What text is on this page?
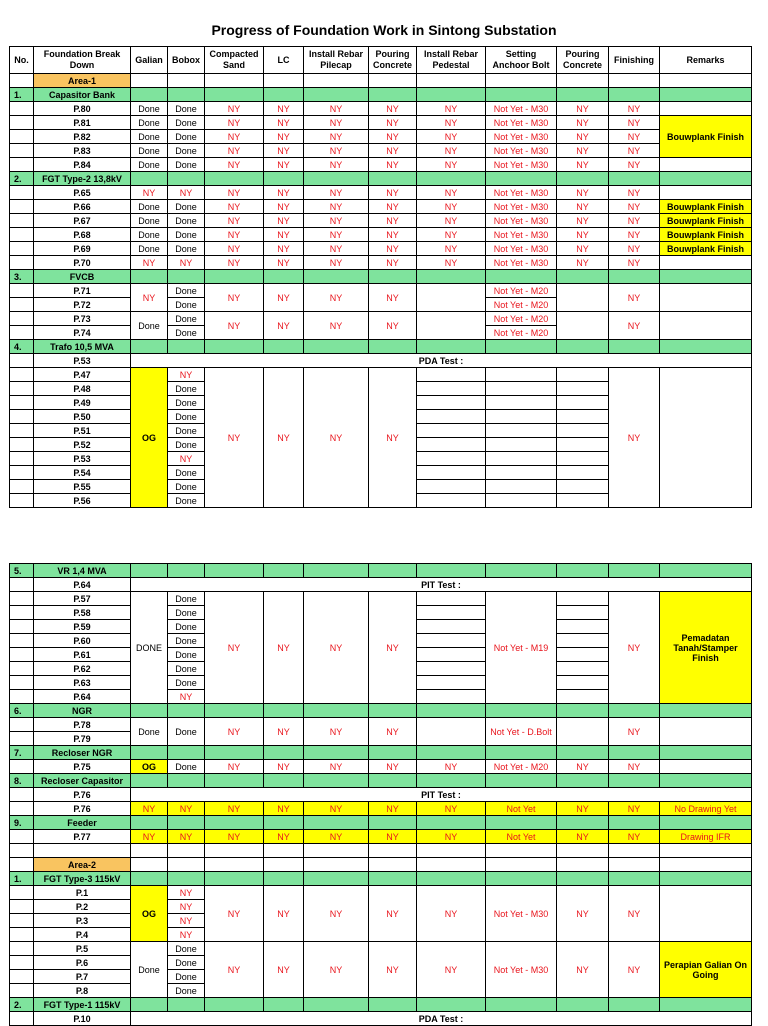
Progress of Foundation Work in Sintong Substation
No.	Foundation Break Down	Galian	Bobox	Compacted Sand	LC	Install Rebar Pilecap	Pouring Concrete	Install Rebar Pedestal	Setting Anchoor Bolt	Pouring Concrete	Finishing	Remarks
	Area-1											
1.	Capasitor Bank											
	P.80	Done	Done	NY	NY	NY	NY	NY	Not Yet - M30	NY	NY	
	P.81	Done	Done	NY	NY	NY	NY	NY	Not Yet - M30	NY	NY	Bouwplank Finish
	P.82	Done	Done	NY	NY	NY	NY	NY	Not Yet - M30	NY	NY	
	P.83	Done	Done	NY	NY	NY	NY	NY	Not Yet - M30	NY	NY	
	P.84	Done	Done	NY	NY	NY	NY	NY	Not Yet - M30	NY	NY	
2.	FGT Type-2 13,8kV											
	P.65	NY	NY	NY	NY	NY	NY	NY	Not Yet - M30	NY	NY	
	P.66	Done	Done	NY	NY	NY	NY	NY	Not Yet - M30	NY	NY	Bouwplank Finish
	P.67	Done	Done	NY	NY	NY	NY	NY	Not Yet - M30	NY	NY	Bouwplank Finish
	P.68	Done	Done	NY	NY	NY	NY	NY	Not Yet - M30	NY	NY	Bouwplank Finish
	P.69	Done	Done	NY	NY	NY	NY	NY	Not Yet - M30	NY	NY	Bouwplank Finish
	P.70	NY	NY	NY	NY	NY	NY	NY	Not Yet - M30	NY	NY	
3.	FVCB											
	P.71	NY	Done	NY	NY	NY	NY		Not Yet - M20		NY	
	P.72		Done						Not Yet - M20			
	P.73	Done	Done	NY	NY	NY	NY		Not Yet - M20		NY	
	P.74		Done						Not Yet - M20			
4.	Trafo 10,5 MVA											
	P.53	PDA Test :										
	P.47	OG	NY	NY	NY	NY	NY				NY	
	P.48		Done									
	P.49		Done									
	P.50		Done									
	P.51		Done									
	P.52		Done									
	P.53		NY									
	P.54		Done									
	P.55		Done									
	P.56		Done									
5.	VR 1,4 MVA											
	P.64	PIT Test :										
	P.57	DONE	Done	NY	NY	NY	NY		Not Yet - M19		NY	Pemadatan Tanah/Stamper Finish
	P.58		Done									
	P.59		Done									
	P.60		Done									
	P.61		Done									
	P.62		Done									
	P.63		Done									
	P.64		NY									
6.	NGR											
	P.78	Done	Done	NY	NY	NY	NY		Not Yet - D.Bolt		NY	
	P.79											
7.	Recloser NGR											
	P.75	OG	Done	NY	NY	NY	NY	NY	Not Yet - M20	NY	NY	
8.	Recloser Capasitor											
	P.76	PIT Test :										
	P.76	NY	NY	NY	NY	NY	NY	NY	Not Yet	NY	NY	No Drawing Yet
9.	Feeder											
	P.77	NY	NY	NY	NY	NY	NY	NY	Not Yet	NY	NY	Drawing IFR

	Area-2											
1.	FGT Type-3 115kV											
	P.1	OG	NY	NY	NY	NY	NY	NY	Not Yet - M30	NY	NY	
	P.2		NY									
	P.3		NY									
	P.4		NY									
	P.5	Done	Done	NY	NY	NY	NY	NY	Not Yet - M30	NY	NY	Perapian Galian On Going
	P.6		Done									
	P.7		Done									
	P.8		Done									
2.	FGT Type-1 115kV											
	P.10	PDA Test :										
